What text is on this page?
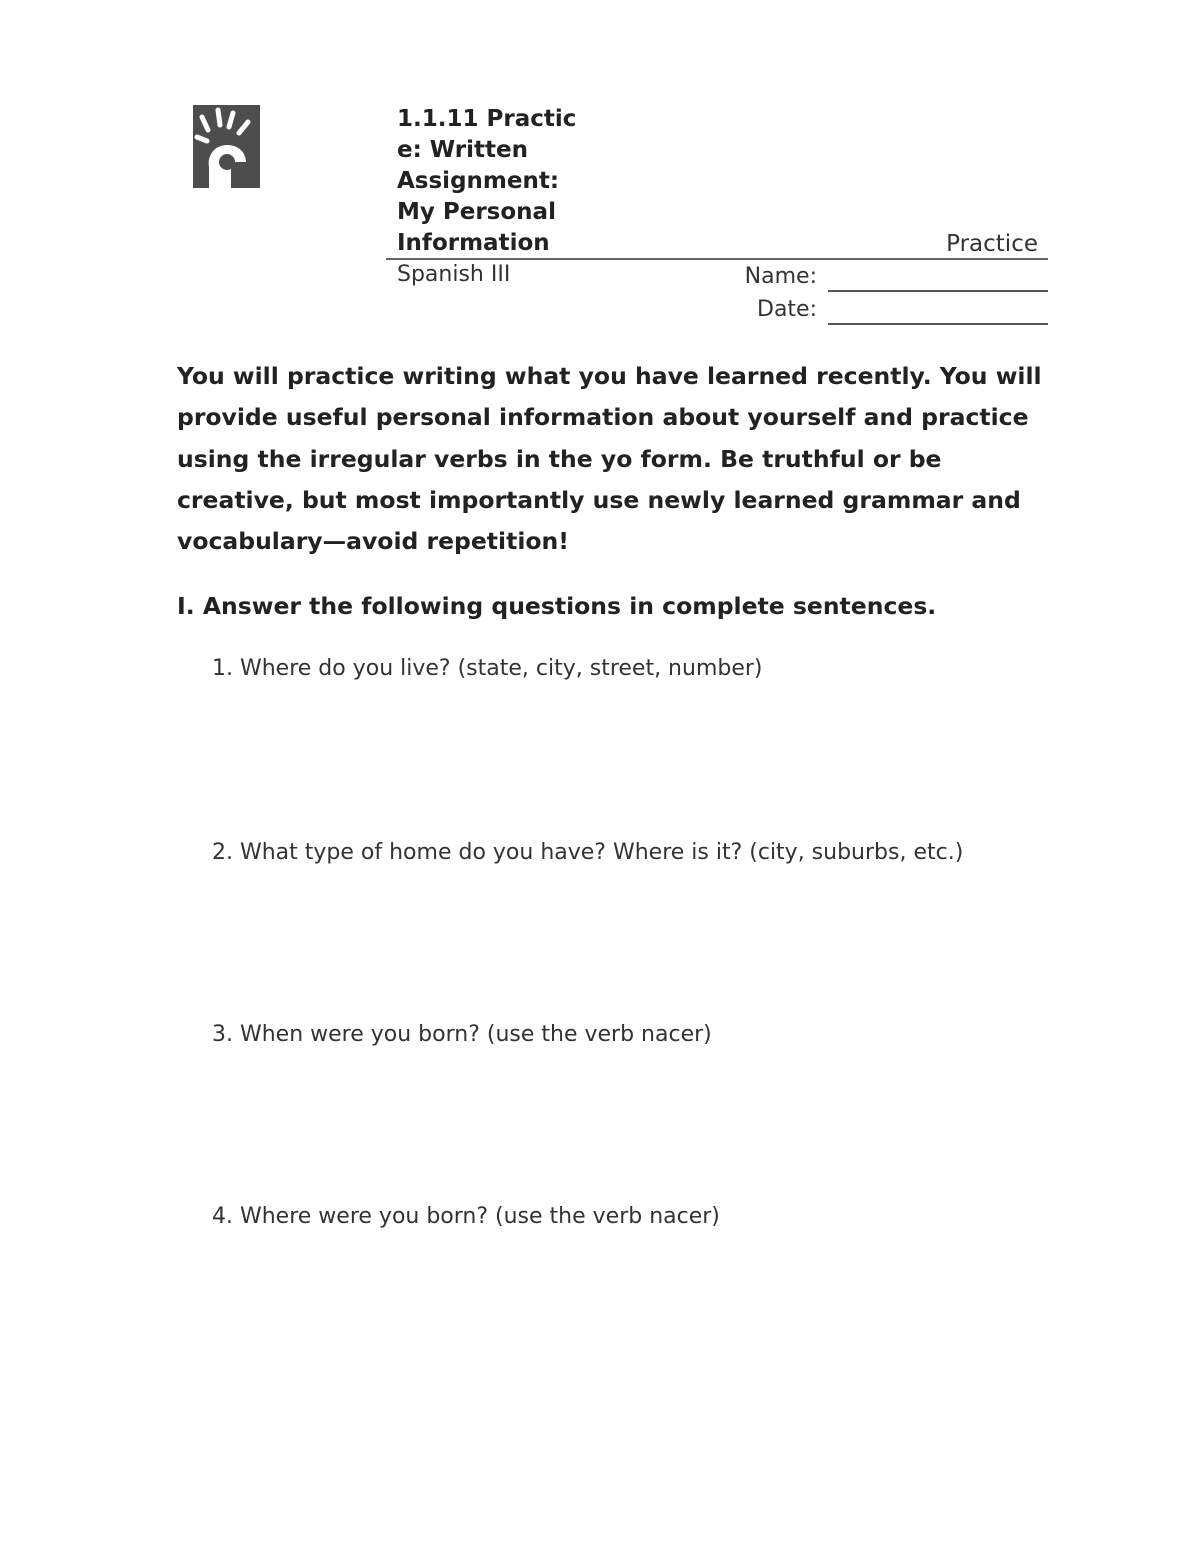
1.1.11 Practic
e: Written
Assignment:
My Personal
Information	Practice
Spanish III	Name:
Date:
You will practice writing what you have learned recently. You will
provide useful personal information about yourself and practice
using the irregular verbs in the yo form. Be truthful or be
creative, but most importantly use newly learned grammar and
vocabulary—avoid repetition!
I. Answer the following questions in complete sentences.
1. Where do you live? (state, city, street, number)
2. What type of home do you have? Where is it? (city, suburbs, etc.)
3. When were you born? (use the verb nacer)
4. Where were you born? (use the verb nacer)
